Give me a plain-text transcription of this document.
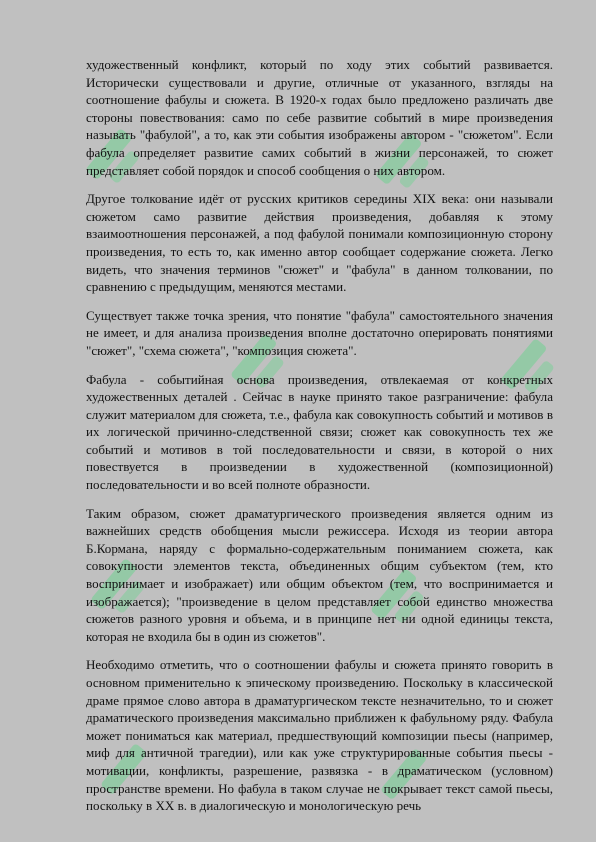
художественный конфликт, который по ходу этих событий развивается. Исторически существовали и другие, отличные от указанного, взгляды на соотношение фабулы и сюжета. В 1920-х годах было предложено различать две стороны повествования: само по себе развитие событий в мире произведения называть "фабулой", а то, как эти события изображены автором - "сюжетом". Если фабула определяет развитие самих событий в жизни персонажей, то сюжет представляет собой порядок и способ сообщения о них автором.

Другое толкование идёт от русских критиков середины XIX века: они называли сюжетом само развитие действия произведения, добавляя к этому взаимоотношения персонажей, а под фабулой понимали композиционную сторону произведения, то есть то, как именно автор сообщает содержание сюжета. Легко видеть, что значения терминов "сюжет" и "фабула" в данном толковании, по сравнению с предыдущим, меняются местами.

Существует также точка зрения, что понятие "фабула" самостоятельного значения не имеет, и для анализа произведения вполне достаточно оперировать понятиями "сюжет", "схема сюжета", "композиция сюжета".

Фабула - событийная основа произведения, отвлекаемая от конкретных художественных деталей . Сейчас в науке принято такое разграничение: фабула служит материалом для сюжета, т.е., фабула как совокупность событий и мотивов в их логической причинно-следственной связи; сюжет как совокупность тех же событий и мотивов в той последовательности и связи, в которой о них повествуется в произведении в художественной (композиционной) последовательности и во всей полноте образности.

Таким образом, сюжет драматургического произведения является одним из важнейших средств обобщения мысли режиссера. Исходя из теории автора Б.Кормана, наряду с формально-содержательным пониманием сюжета, как совокупности элементов текста, объединенных общим субъектом (тем, кто воспринимает и изображает) или общим объектом (тем, что воспринимается и изображается); "произведение в целом представляет собой единство множества сюжетов разного уровня и объема, и в принципе нет ни одной единицы текста, которая не входила бы в один из сюжетов".

Необходимо отметить, что о соотношении фабулы и сюжета принято говорить в основном применительно к эпическому произведению. Поскольку в классической драме прямое слово автора в драматургическом тексте незначительно, то и сюжет драматического произведения максимально приближен к фабульному ряду. Фабула может пониматься как материал, предшествующий композиции пьесы (например, миф для античной трагедии), или как уже структурированные события пьесы - мотивации, конфликты, разрешение, развязка - в драматическом (условном) пространстве времени. Но фабула в таком случае не покрывает текст самой пьесы, поскольку в XX в. в диалогическую и монологическую речь
